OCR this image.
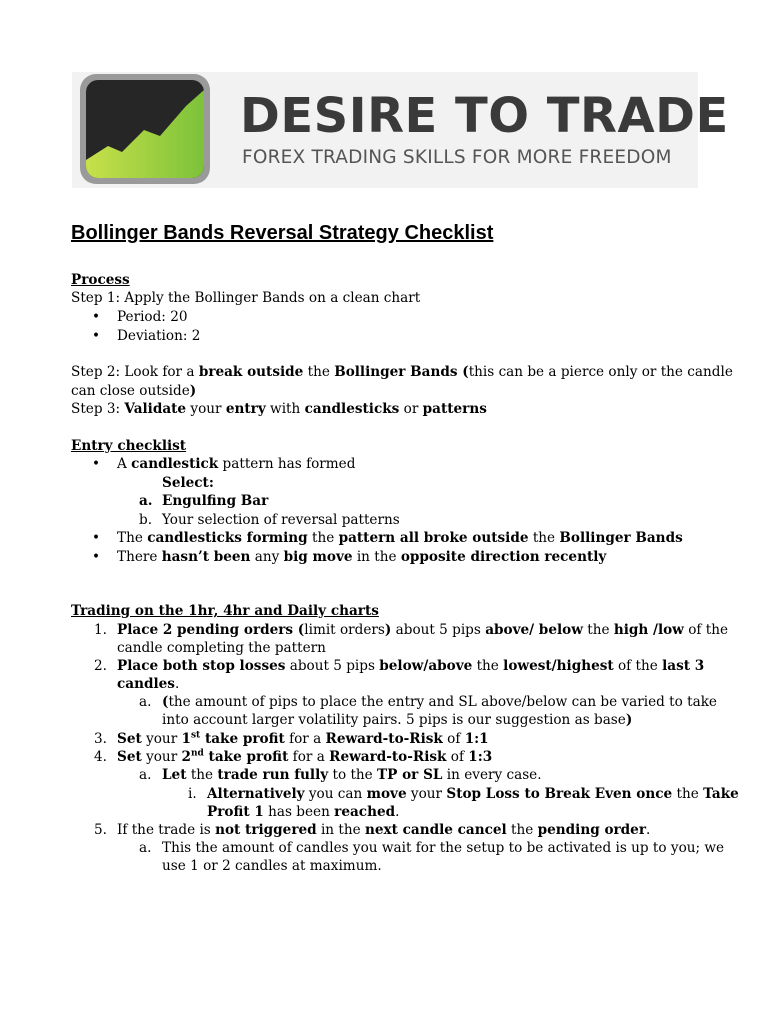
DESIRE TO TRADE
FOREX TRADING SKILLS FOR MORE FREEDOM
Bollinger Bands Reversal Strategy Checklist
Process
Step 1: Apply the Bollinger Bands on a clean chart
• Period: 20
• Deviation: 2
Step 2: Look for a break outside the Bollinger Bands (this can be a pierce only or the candle
can close outside)
Step 3: Validate your entry with candlesticks or patterns
Entry checklist
• A candlestick pattern has formed
Select:
a. Engulfing Bar
b. Your selection of reversal patterns
• The candlesticks forming the pattern all broke outside the Bollinger Bands
• There hasn’t been any big move in the opposite direction recently
Trading on the 1hr, 4hr and Daily charts
1. Place 2 pending orders (limit orders) about 5 pips above/ below the high /low of the
candle completing the pattern
2. Place both stop losses about 5 pips below/above the lowest/highest of the last 3
candles.
a. (the amount of pips to place the entry and SL above/below can be varied to take
into account larger volatility pairs. 5 pips is our suggestion as base)
3. Set your 1st take profit for a Reward-to-Risk of 1:1
4. Set your 2nd take profit for a Reward-to-Risk of 1:3
a. Let the trade run fully to the TP or SL in every case.
i. Alternatively you can move your Stop Loss to Break Even once the Take
Profit 1 has been reached.
5. If the trade is not triggered in the next candle cancel the pending order.
a. This the amount of candles you wait for the setup to be activated is up to you; we
use 1 or 2 candles at maximum.
